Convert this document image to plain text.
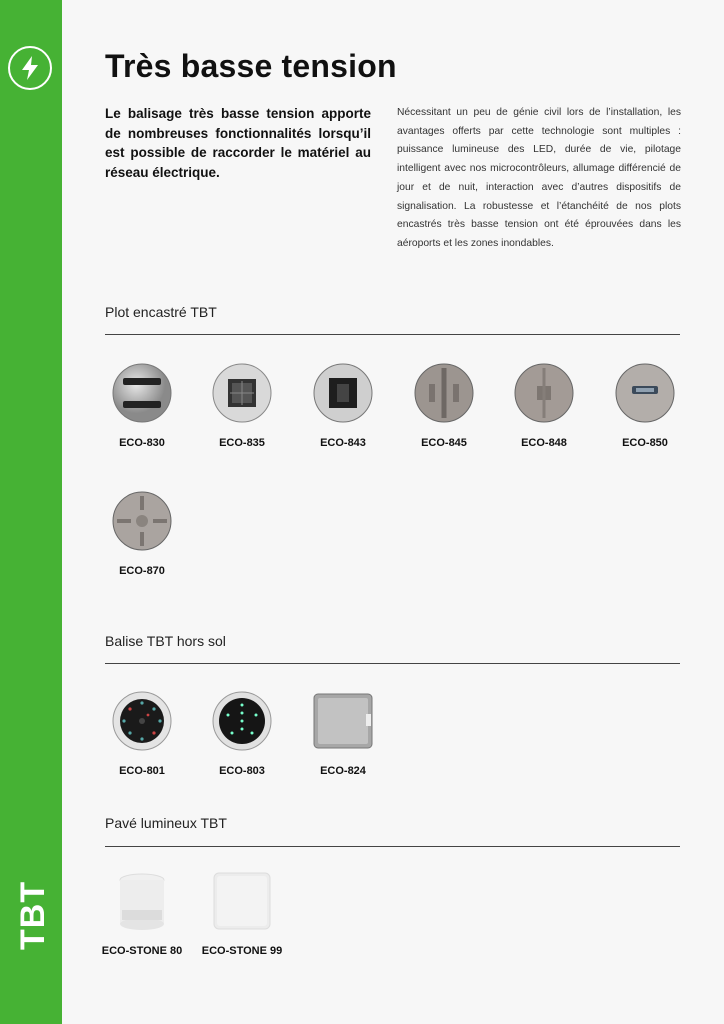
TBT
Très basse tension

Le balisage très basse tension apporte de nombreuses fonctionnalités lorsqu’il est possible de raccorder le matériel au réseau électrique.

Nécessitant un peu de génie civil lors de l’installation, les avantages offerts par cette technologie sont multiples : puissance lumineuse des LED, durée de vie, pilotage intelligent avec nos microcontrôleurs, allumage différencié de jour et de nuit, interaction avec d’autres dispositifs de signalisation. La robustesse et l’étanchéité de nos plots encastrés très basse tension ont été éprouvées dans les aéroports et les zones inondables.

Plot encastré TBT
ECO-830	ECO-835	ECO-843	ECO-845	ECO-848	ECO-850
ECO-870
Balise TBT hors sol
ECO-801	ECO-803	ECO-824
Pavé lumineux TBT
ECO-STONE 80	ECO-STONE 99
